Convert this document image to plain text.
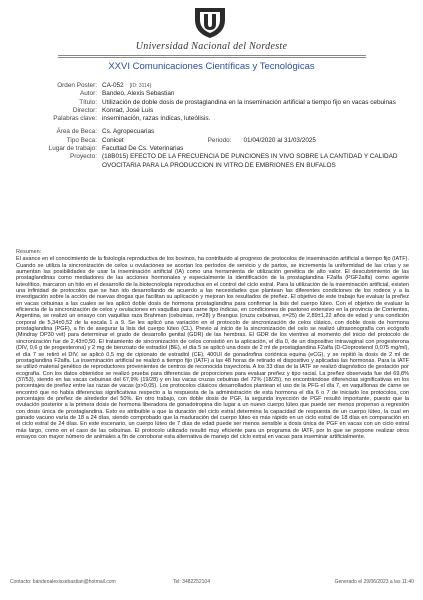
Universidad Nacional del Nordeste
XXVI Comunicaciones Científicas y Tecnológicas
Orden Poster: CA-052 [ID: 3114]
Autor: Bandeo, Alexis Sebastian
Título: Utilización de doble dosis de prostaglandina en la inseminación artificial a tiempo fijo en vacas cebuinas
Director: Konrad, José Luis
Palabras clave: inseminación, razas índicas, luteólisis.
Área de Beca: Cs. Agropecuarias
Tipo Beca: Conicet	Periodo: 01/04/2020 al 31/03/2025
Lugar de trabajo: Facultad De Cs. Veterinarias
Proyecto: (18B015) EFECTO DE LA FRECUENCIA DE PUNCIONES IN VIVO SOBRE LA CANTIDAD Y CALIDAD OVOCITARIA PARA LA PRODUCCION IN VITRO DE EMBRIONES EN BUFALOS
Resumen:
El avance en el conocimiento de la fisiología reproductiva de los bovinos, ha contribuido al progreso de protocolos de inseminación artificial a tiempo fijo (IATF). Cuando se utiliza la sincronización de celos u ovulaciones se acortan los períodos de servicio y de partos, se incrementa la uniformidad de las crías y se aumentan las posibilidades de usar la inseminación artificial (IA) como una herramienta de utilización genética de alto valor. El descubrimiento de las prostaglandinas como mediadores de las acciones hormonales y especialmente la identificación de la prostaglandina F2alfa (PGF2alfa) como agente luteolítico, marcaron un hito en el desarrollo de la biotecnología reproductiva en el control del ciclo estral. Para la utilización de la inseminación artificial, existen una infinidad de protocolos que se han ido desarrollando de acuerdo a las necesidades que plantean las diferentes condiciones de los rodeos y a la investigación sobre la acción de nuevas drogas que facilitan su aplicación y mejoran los resultados de preñez. El objetivo de este trabajo fue evaluar la preñez en vacas cebuinas a las cuales se les aplicó doble dosis de hormona prostaglandina para confirmar la lisis del cuerpo lúteo. Con el objetivo de evaluar la eficiencia de la sincronización de celos y ovulaciones en vaquillas para carne tipo índicas, en condiciones de pastoreo extensivo en la provincia de Corrientes, Argentina, se realizó un ensayo con vaquillas raza Brahman (cebuinas, n=28) y Brangus (cruza cebuinas, n=25) de 2,89±1,22 años de edad y una condición corporal de 5,34±0,52 de la escala 1 a 9. Se les aplicó una variación en el protocolo de sincronización de celos clásico, con doble dosis de hormona prostaglandina (PGF), a fin de asegurar la lisis del cuerpo lúteo (CL). Previo al inicio de la sincronización del celo se realizó ultrasonografía con ecógrafo (Mindray DP30 vet) para determinar el grado de desarrollo genital (GDR) de las hembras. El GDR de los vientres al momento del inicio del protocolo de sincronización fue de 2,43±0,50. El tratamiento de sincronización de celos consistió en la aplicación, el día 0, de un dispositivo intravaginal con progesterona (DIV, 0,6 g de progesterona) y 2 mg de benzoato de estradiol (BE), el día 5 se aplicó una dosis de 2 ml de prostaglandina F2alfa (D-Cloprostenol 0,075 mg/ml), el día 7 se retiró el DIV, se aplicó 0,5 mg de cipionato de estradiol (CE), 400UI de gonadrofina coriónica equina (eCG), y se repitió la dosis de 2 ml de prostaglandina F2alfa. La inseminación artificial se realizó a tiempo fijo (IATF) a las 48 horas de retirado el dispositivo y aplicadas las hormonas. Para la IATF se utilizó material genético de reproductores provenientes de centros de reconocida trayectoria. A los 33 días de la IATF se realizó diagnóstico de gestación por ecografía. Con los datos obtenidos se realizó prueba para diferencias de proporciones para evaluar preñez y tipo racial. La preñez observada fue del 69,8% (37/53), siendo en las vacas cebuinas del 67,9% (19/28) y en las vacas cruzas cebuinas del 72% (18/25), no encontrándose diferencias significativas en los porcentajes de preñez entre las razas de vacas (p>0,05). Los protocolos clásicos desarrollados plantean el uso de la PFG el día 7, en vaquillonas de carne se encontró que no había diferencias significativas respecto a la respuesta de la administración de esta hormona el día 6 o 7 de iniciado los protocolos, con porcentajes de preñez de alrededor del 50%. En otro trabajo, con doble dosis de PGF, la segunda inyección de PGF resultó importante, puesto que la ovulación posterior a la primera dosis de hormona liberadora de gonadotropina dio lugar a un nuevo cuerpo lúteo que puede ser menos propenso a regresión con dosis única de prostaglandina. Esto es atribuible a que la duración del ciclo estral determina la capacidad de respuesta de un cuerpo lúteo, la cual en ganado vacuno varía de 18 a 24 días, siendo comprobado que la maduración del cuerpo lúteo es más rápido en un ciclo estral de 18 días en comparación en el ciclo estral de 24 días. En este escenario, un cuerpo lúteo de 7 días de edad puede ser menos sensible a dosis única de PGF en vacas con un ciclo estral más largo, como en el caso de las cebuinas. El protocolo utilizado resultó muy eficiente para un programa de IATF, por lo que se propone realizar otros ensayos con mayor número de animales a fin de corroborar esta alternativa de manejo del ciclo estral en vacas para inseminar artificialmente.
Contacto: bandeoalexissebastian@hotmail.com	Tel: 3482252104	Generado el 29/06/2023 a las 11:40
